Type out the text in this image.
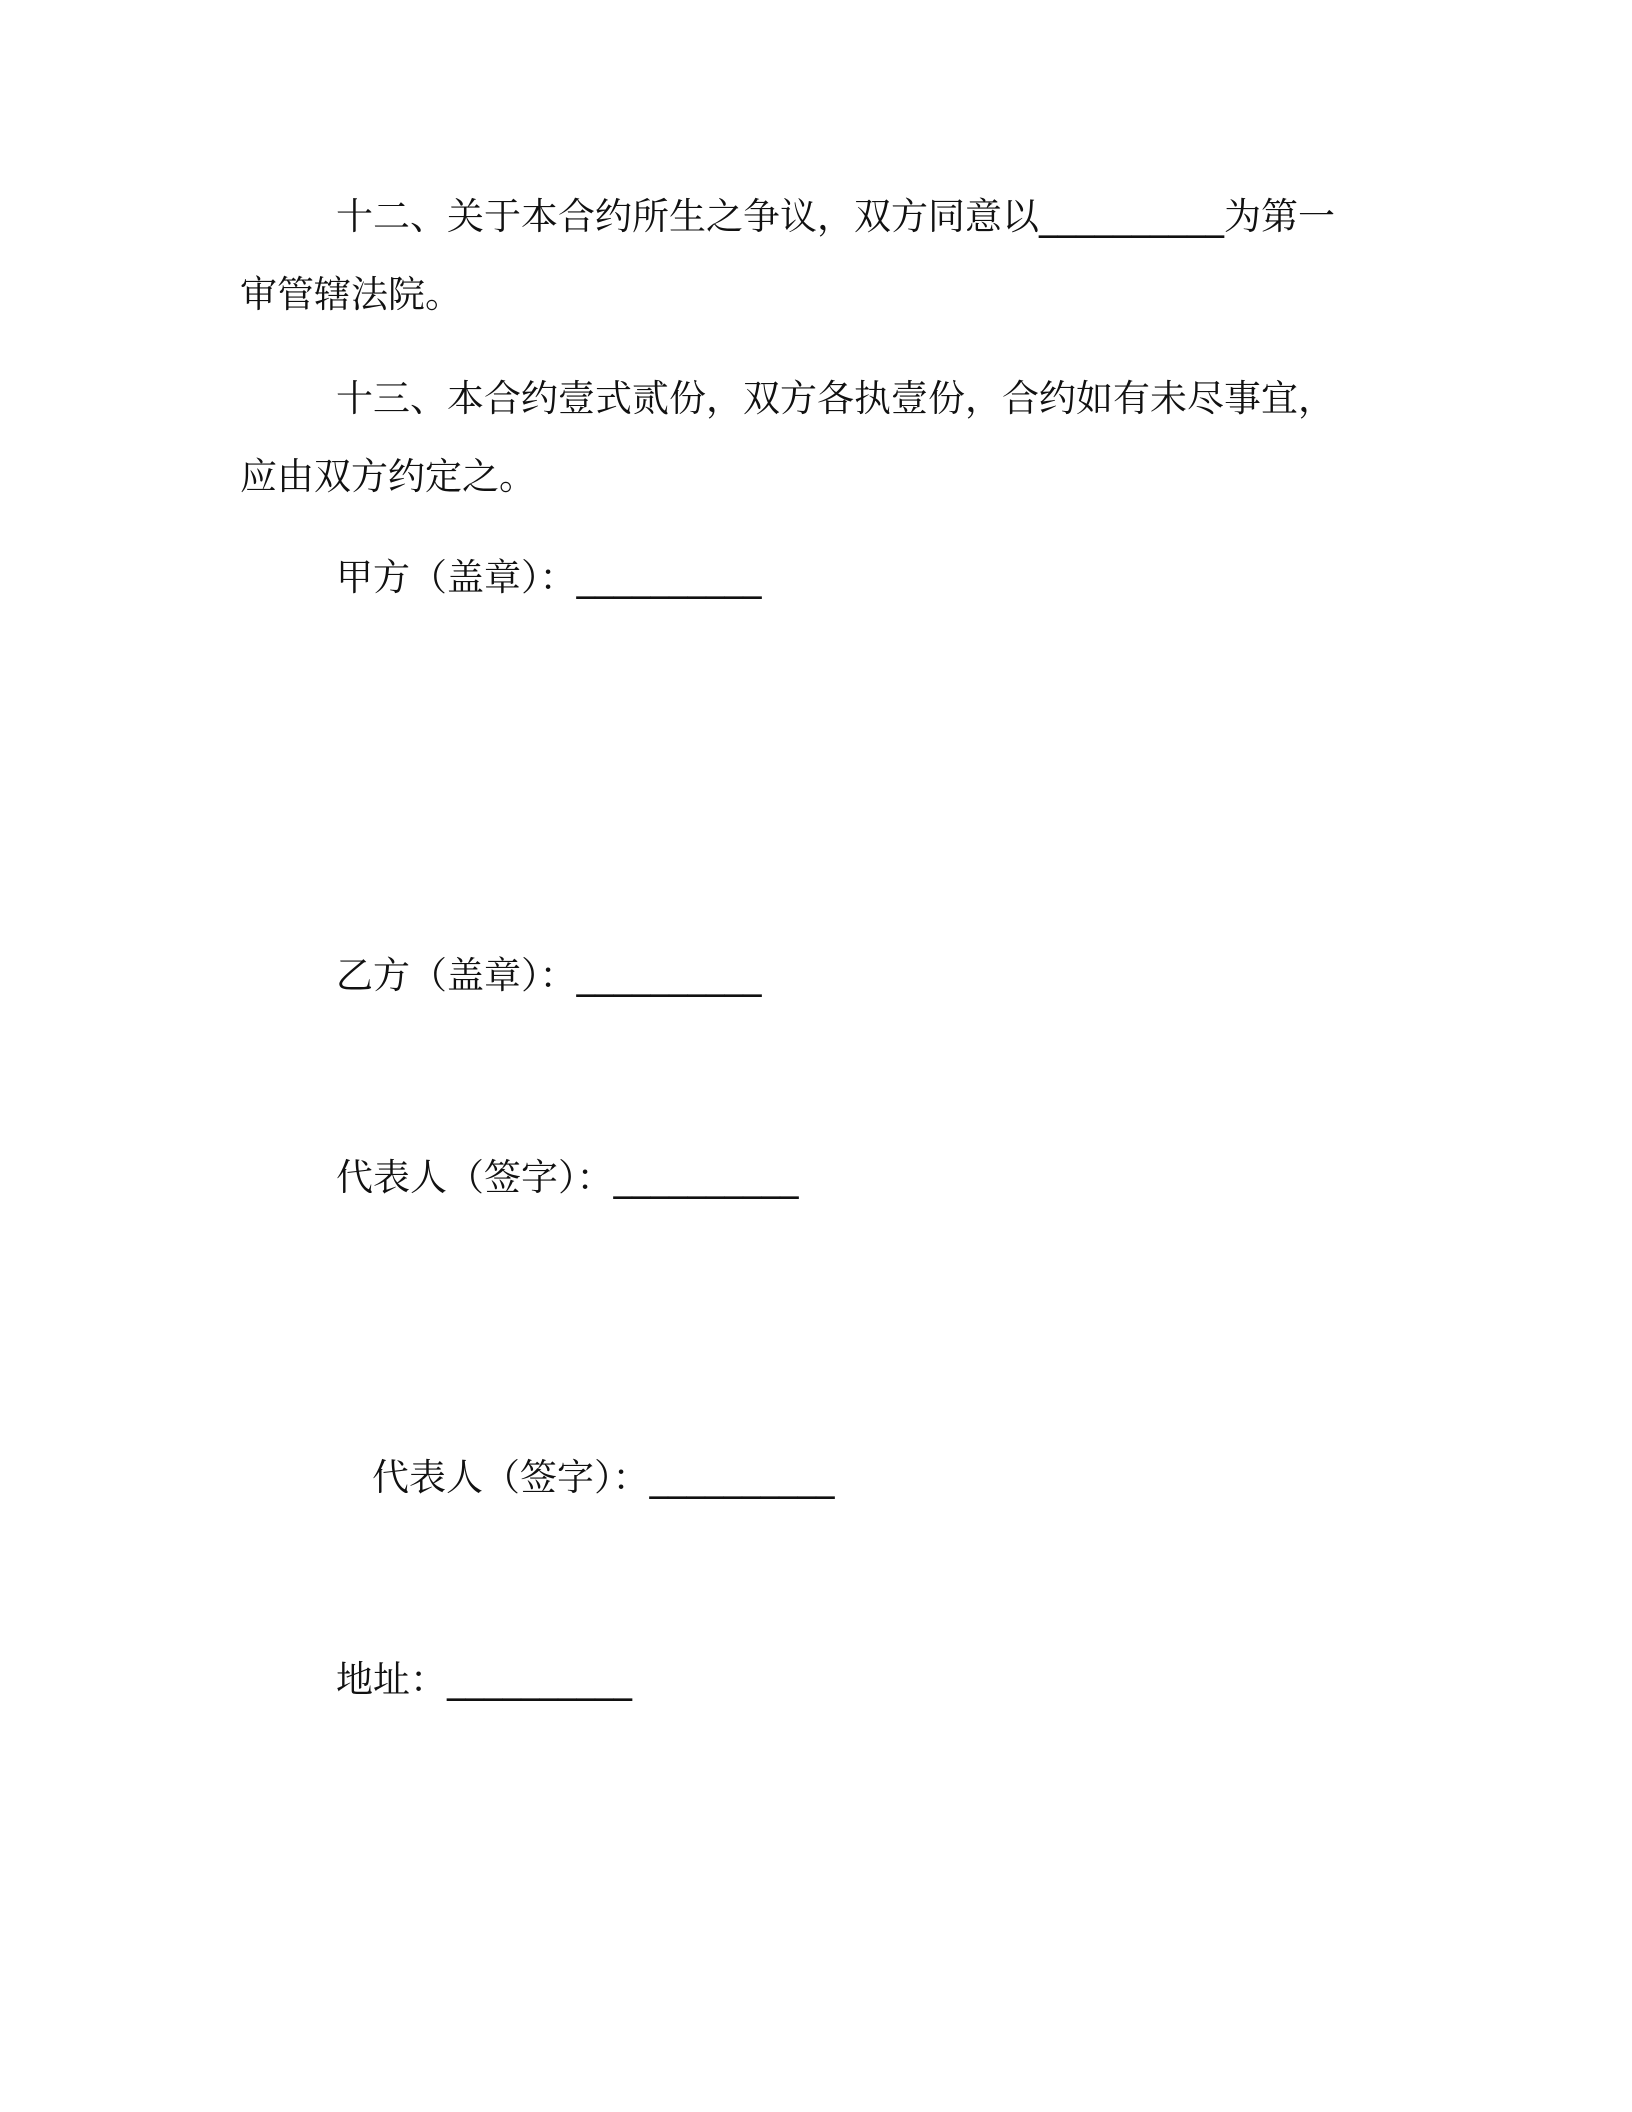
十二、关于本合约所生之争议，双方同意以__________为第一审管辖法院。

十三、本合约壹式贰份，双方各执壹份，合约如有未尽事宜，应由双方约定之。

甲方（盖章）：__________

乙方（盖章）：__________

代表人（签字）：__________

代表人（签字）：__________

地址：__________
